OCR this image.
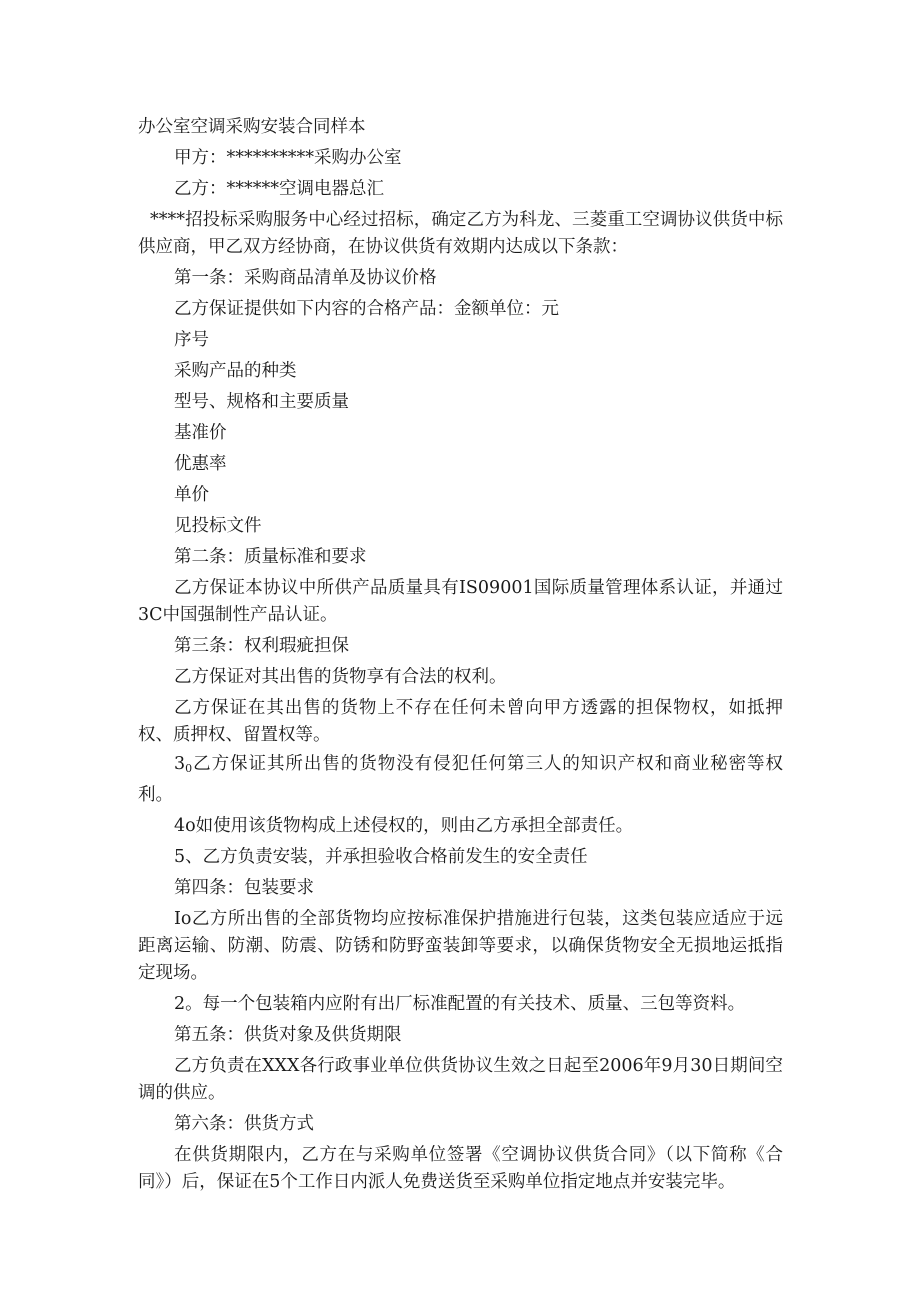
办公室空调采购安装合同样本

甲方：**********采购办公室

乙方：******空调电器总汇

****招投标采购服务中心经过招标，确定乙方为科龙、三菱重工空调协议供货中标供应商，甲乙双方经协商，在协议供货有效期内达成以下条款：

第一条：采购商品清单及协议价格

乙方保证提供如下内容的合格产品：金额单位：元

序号

采购产品的种类

型号、规格和主要质量

基准价

优惠率

单价

见投标文件

第二条：质量标准和要求

乙方保证本协议中所供产品质量具有IS09001国际质量管理体系认证，并通过3C中国强制性产品认证。

第三条：权利瑕疵担保

乙方保证对其出售的货物享有合法的权利。

乙方保证在其出售的货物上不存在任何未曾向甲方透露的担保物权，如抵押权、质押权、留置权等。

$3_0$乙方保证其所出售的货物没有侵犯任何第三人的知识产权和商业秘密等权利。

4o如使用该货物构成上述侵权的，则由乙方承担全部责任。

5、乙方负责安装，并承担验收合格前发生的安全责任

第四条：包装要求

Io乙方所出售的全部货物均应按标准保护措施进行包装，这类包装应适应于远距离运输、防潮、防震、防锈和防野蛮装卸等要求，以确保货物安全无损地运抵指定现场。

2。每一个包装箱内应附有出厂标准配置的有关技术、质量、三包等资料。

第五条：供货对象及供货期限

乙方负责在XXX各行政事业单位供货协议生效之日起至2006年9月30日期间空调的供应。

第六条：供货方式

在供货期限内，乙方在与采购单位签署《空调协议供货合同》（以下简称《合同》）后，保证在5个工作日内派人免费送货至采购单位指定地点并安装完毕。
